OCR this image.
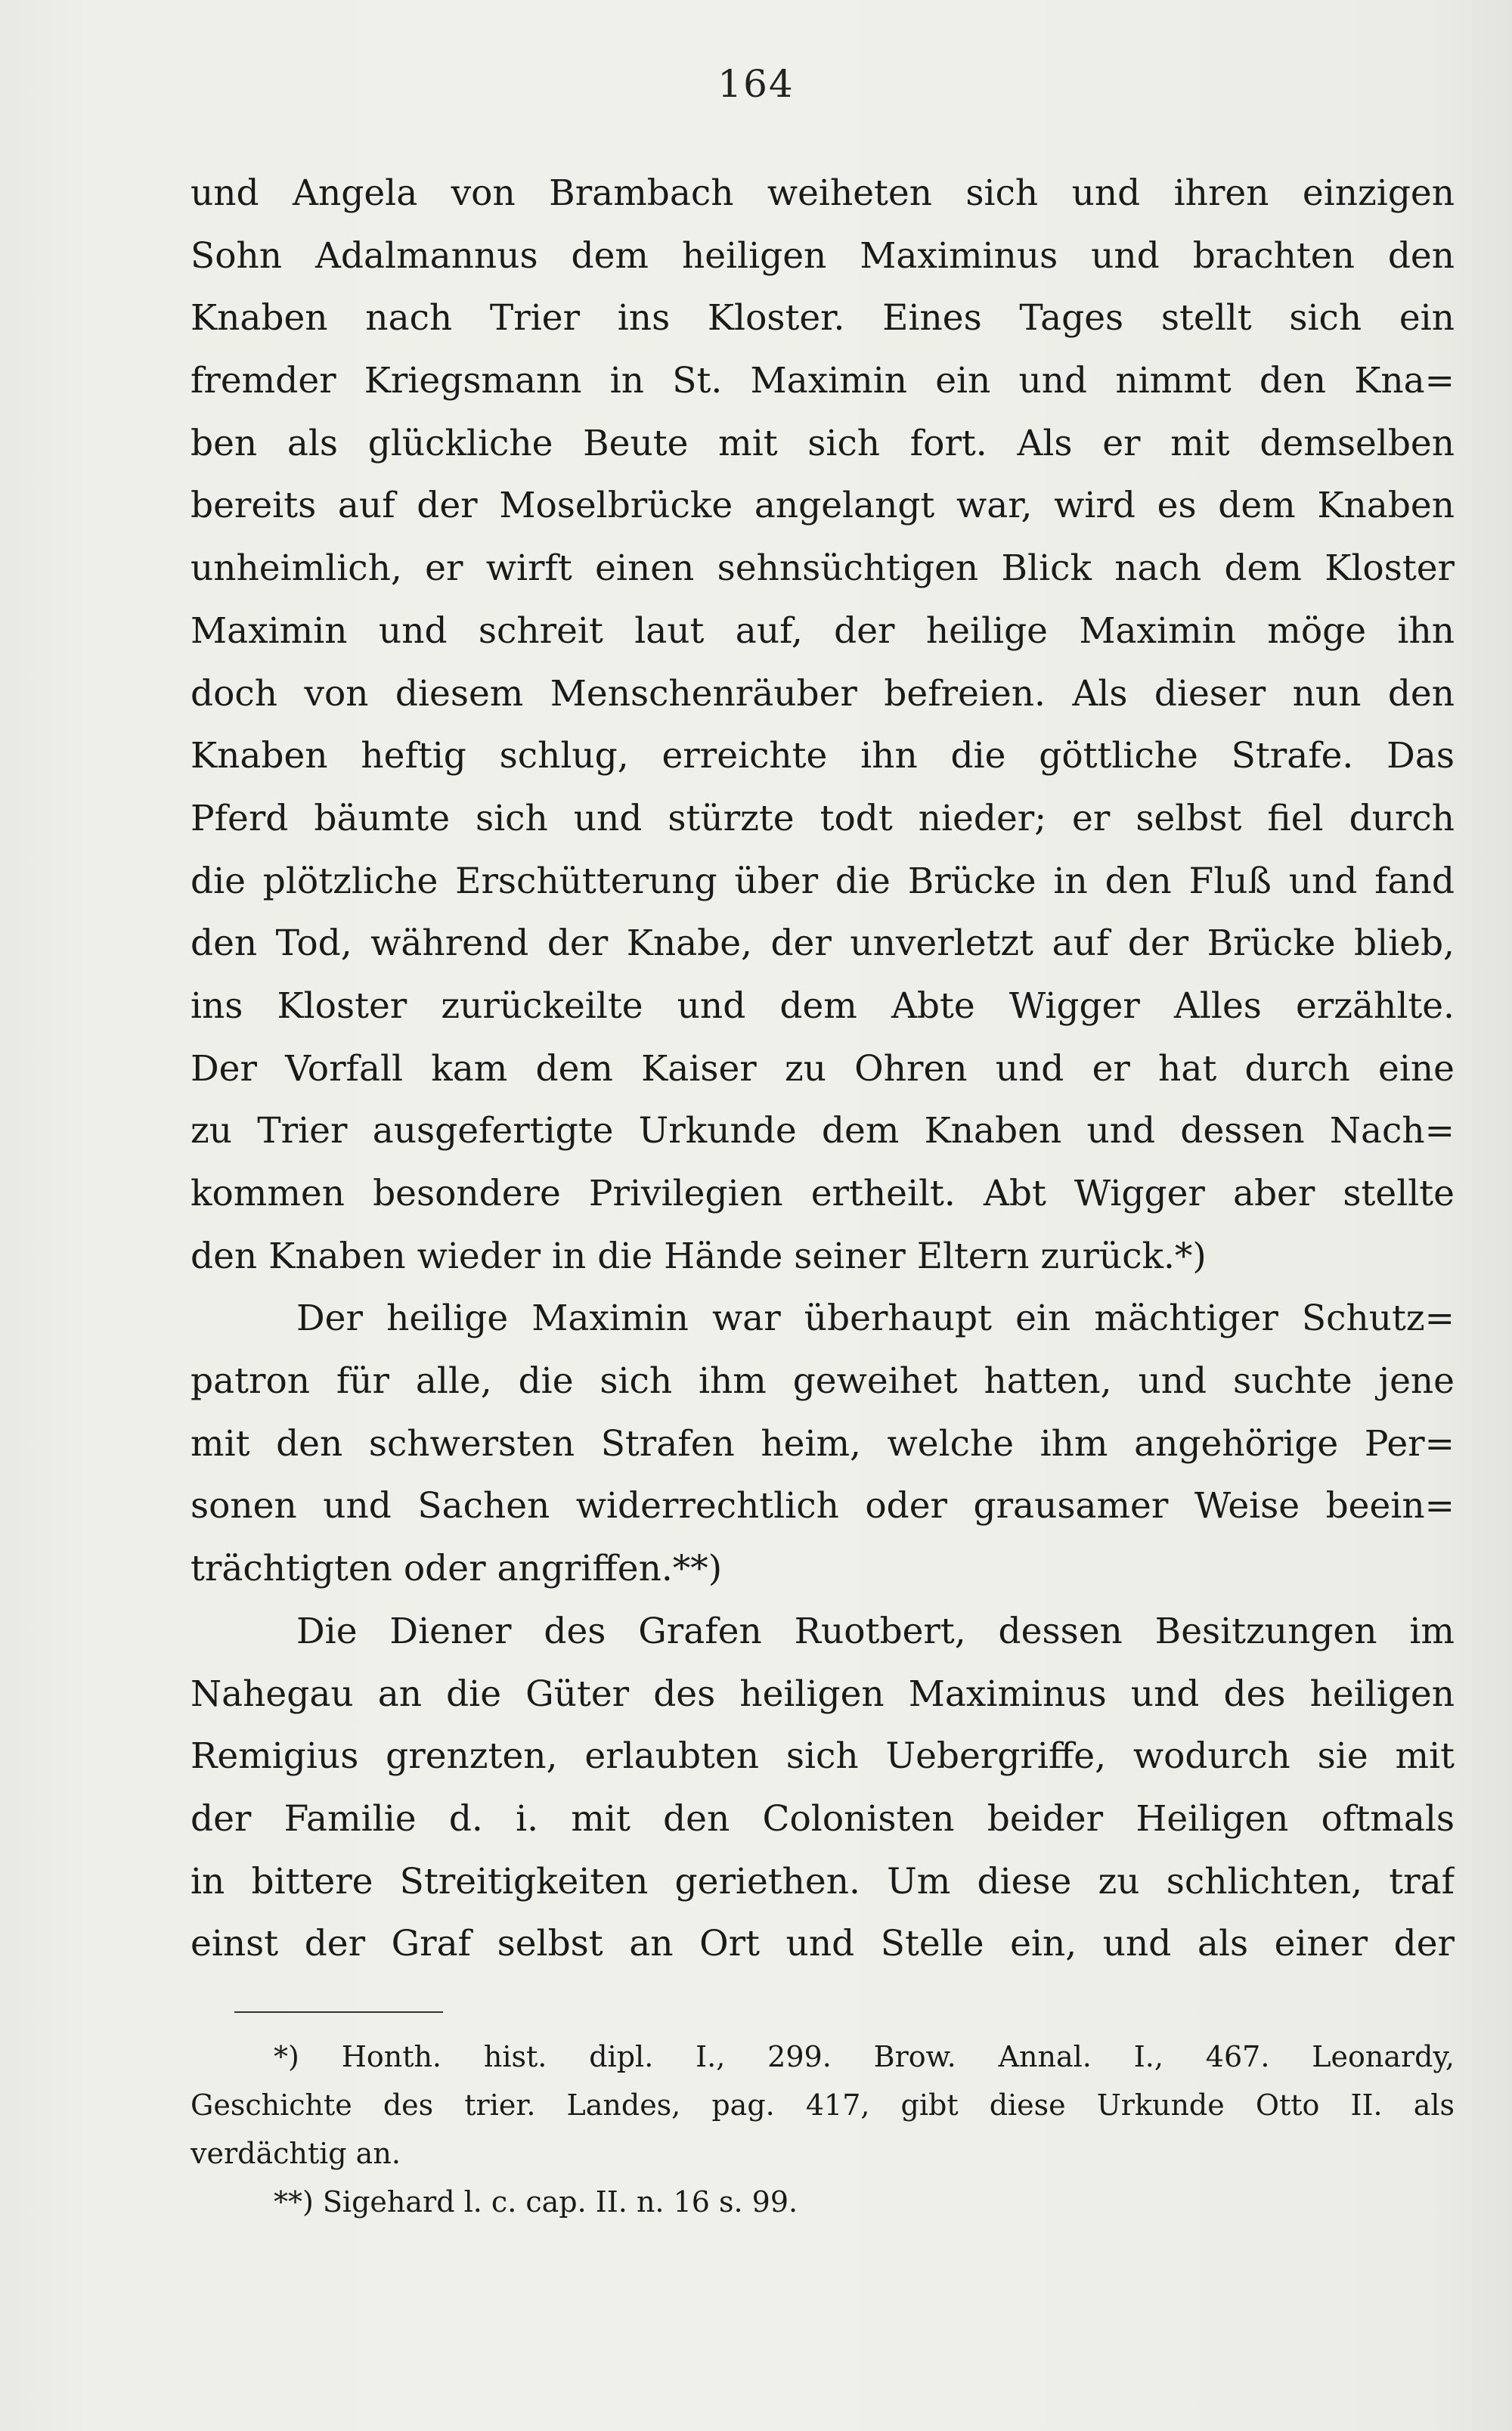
164
und Angela von Brambach weiheten sich und ihren einzigen
Sohn Adalmannus dem heiligen Maximinus und brachten den
Knaben nach Trier ins Kloster. Eines Tages stellt sich ein
fremder Kriegsmann in St. Maximin ein und nimmt den Kna=
ben als glückliche Beute mit sich fort. Als er mit demselben
bereits auf der Moselbrücke angelangt war, wird es dem Knaben
unheimlich, er wirft einen sehnsüchtigen Blick nach dem Kloster
Maximin und schreit laut auf, der heilige Maximin möge ihn
doch von diesem Menschenräuber befreien. Als dieser nun den
Knaben heftig schlug, erreichte ihn die göttliche Strafe. Das
Pferd bäumte sich und stürzte todt nieder; er selbst fiel durch
die plötzliche Erschütterung über die Brücke in den Fluß und fand
den Tod, während der Knabe, der unverletzt auf der Brücke blieb,
ins Kloster zurückeilte und dem Abte Wigger Alles erzählte.
Der Vorfall kam dem Kaiser zu Ohren und er hat durch eine
zu Trier ausgefertigte Urkunde dem Knaben und dessen Nach=
kommen besondere Privilegien ertheilt. Abt Wigger aber stellte
den Knaben wieder in die Hände seiner Eltern zurück.*)
Der heilige Maximin war überhaupt ein mächtiger Schutz=
patron für alle, die sich ihm geweihet hatten, und suchte jene
mit den schwersten Strafen heim, welche ihm angehörige Per=
sonen und Sachen widerrechtlich oder grausamer Weise beein=
trächtigten oder angriffen.**)
Die Diener des Grafen Ruotbert, dessen Besitzungen im
Nahegau an die Güter des heiligen Maximinus und des heiligen
Remigius grenzten, erlaubten sich Uebergriffe, wodurch sie mit
der Familie d. i. mit den Colonisten beider Heiligen oftmals
in bittere Streitigkeiten geriethen. Um diese zu schlichten, traf
einst der Graf selbst an Ort und Stelle ein, und als einer der
*) Honth. hist. dipl. I., 299. Brow. Annal. I., 467. Leonardy,
Geschichte des trier. Landes, pag. 417, gibt diese Urkunde Otto II. als
verdächtig an.
**) Sigehard l. c. cap. II. n. 16 s. 99.
